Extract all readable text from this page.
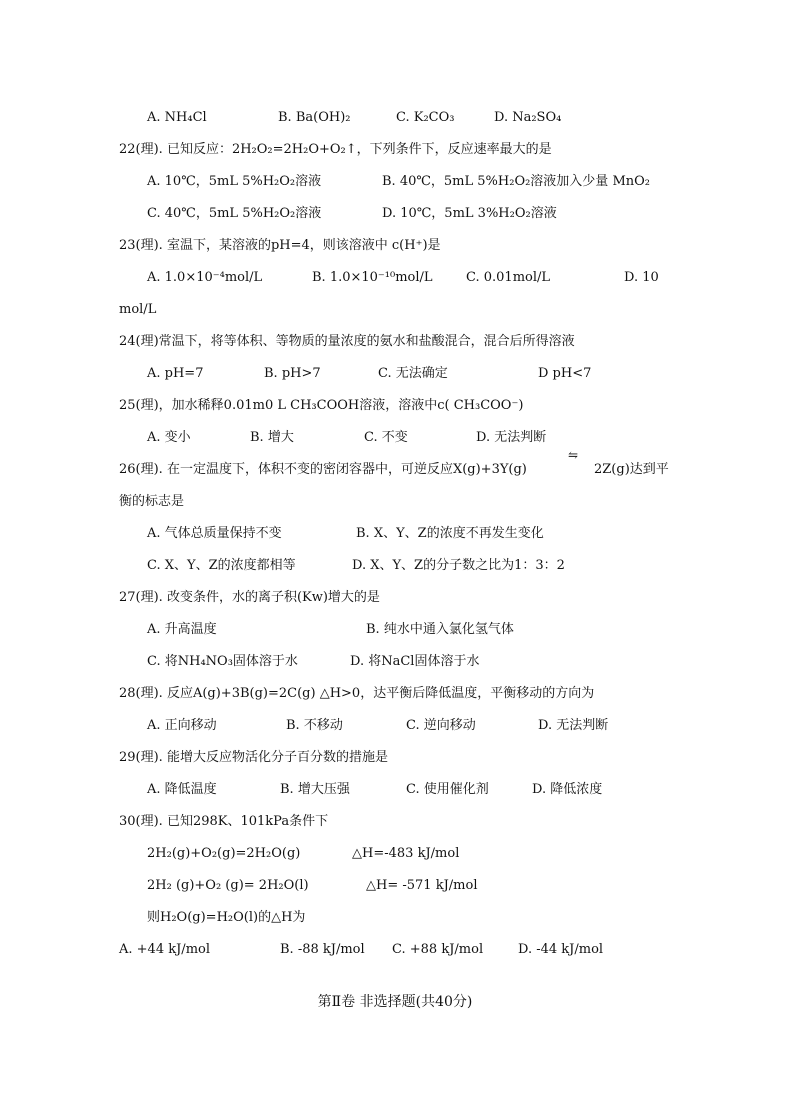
A. NH₄Cl	B. Ba(OH)₂	C. K₂CO₃	D. Na₂SO₄
22(理). 已知反应：2H₂O₂=2H₂O+O₂↑，下列条件下，反应速率最大的是
A. 10℃，5mL 5%H₂O₂溶液	B. 40℃，5mL 5%H₂O₂溶液加入少量 MnO₂
C. 40℃，5mL 5%H₂O₂溶液	D. 10℃，5mL 3%H₂O₂溶液
23(理). 室温下，某溶液的pH=4，则该溶液中 c(H⁺)是
A. 1.0×10⁻⁴mol/L	B. 1.0×10⁻¹⁰mol/L	C. 0.01mol/L	D. 10
mol/L
24(理)常温下，将等体积、等物质的量浓度的氨水和盐酸混合，混合后所得溶液
A. pH=7	B. pH>7	C. 无法确定	D pH<7
25(理)，加水稀释0.01m0 L CH₃COOH溶液，溶液中c( CH₃COO⁻)
A. 变小	B. 增大	C. 不变	D. 无法判断
26(理). 在一定温度下，体积不变的密闭容器中，可逆反应X(g)+3Y(g)
⇋
2Z(g)达到平
衡的标志是
A. 气体总质量保持不变	B. X、Y、Z的浓度不再发生变化
C. X、Y、Z的浓度都相等	D. X、Y、Z的分子数之比为1：3：2
27(理). 改变条件，水的离子积(Kw)增大的是
A. 升高温度	B. 纯水中通入氯化氢气体
C. 将NH₄NO₃固体溶于水	D. 将NaCl固体溶于水
28(理). 反应A(g)+3B(g)=2C(g) △H>0，达平衡后降低温度，平衡移动的方向为
A. 正向移动	B. 不移动	C. 逆向移动	D. 无法判断
29(理). 能增大反应物活化分子百分数的措施是
A. 降低温度	B. 增大压强	C. 使用催化剂	D. 降低浓度
30(理). 已知298K、101kPa条件下
2H₂(g)+O₂(g)=2H₂O(g)	△H=-483 kJ/mol
2H₂ (g)+O₂ (g)= 2H₂O(l)	△H= -571 kJ/mol
则H₂O(g)=H₂O(l)的△H为
A. +44 kJ/mol	B. -88 kJ/mol C. +88 kJ/mol	D. -44 kJ/mol
第Ⅱ卷 非选择题(共40分)
